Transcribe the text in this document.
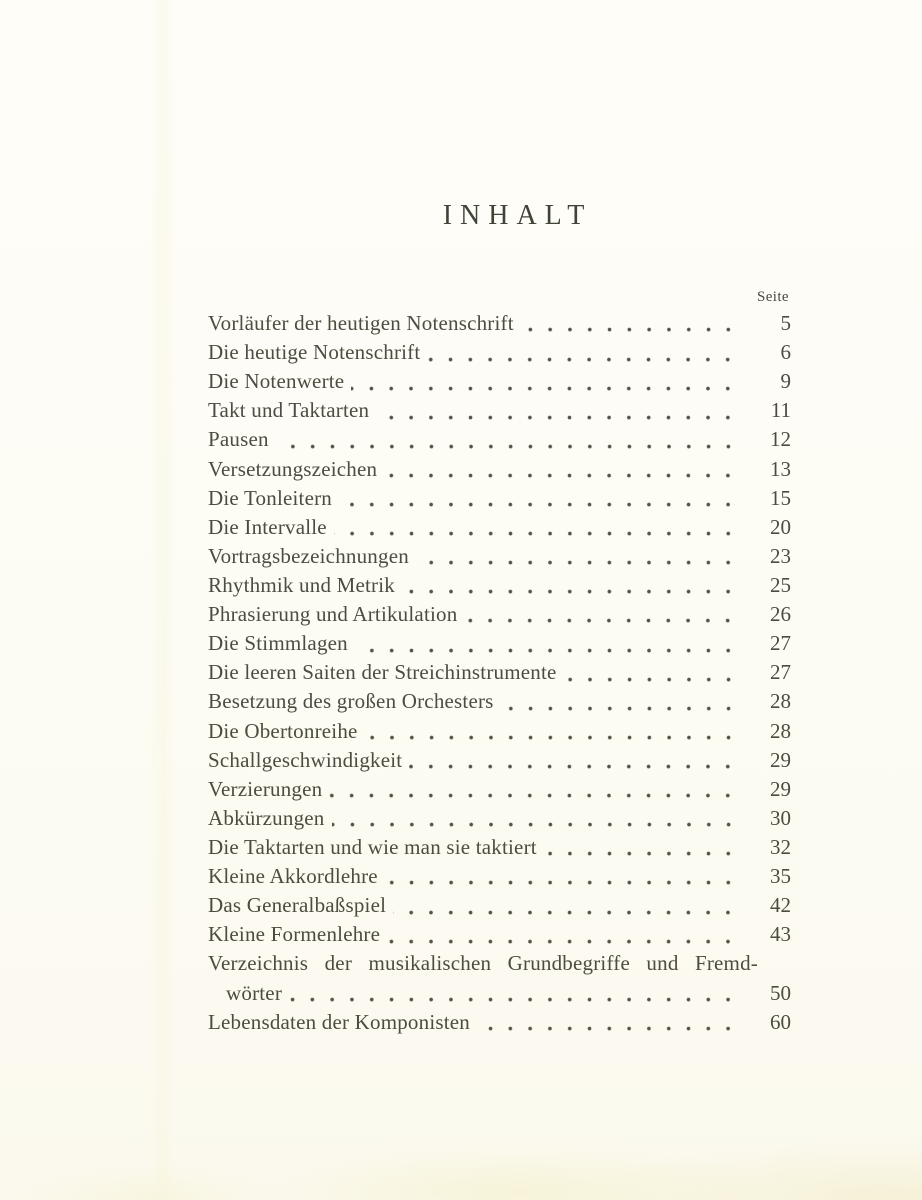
INHALT
Seite
Vorläufer der heutigen Notenschrift	5
Die heutige Notenschrift	6
Die Notenwerte	9
Takt und Taktarten	11
Pausen	12
Versetzungszeichen	13
Die Tonleitern	15
Die Intervalle	20
Vortragsbezeichnungen	23
Rhythmik und Metrik	25
Phrasierung und Artikulation	26
Die Stimmlagen	27
Die leeren Saiten der Streichinstrumente	27
Besetzung des großen Orchesters	28
Die Obertonreihe	28
Schallgeschwindigkeit	29
Verzierungen	29
Abkürzungen	30
Die Taktarten und wie man sie taktiert	32
Kleine Akkordlehre	35
Das Generalbaßspiel	42
Kleine Formenlehre	43
Verzeichnis der musikalischen Grundbegriffe und Fremd-
wörter	50
Lebensdaten der Komponisten	60
